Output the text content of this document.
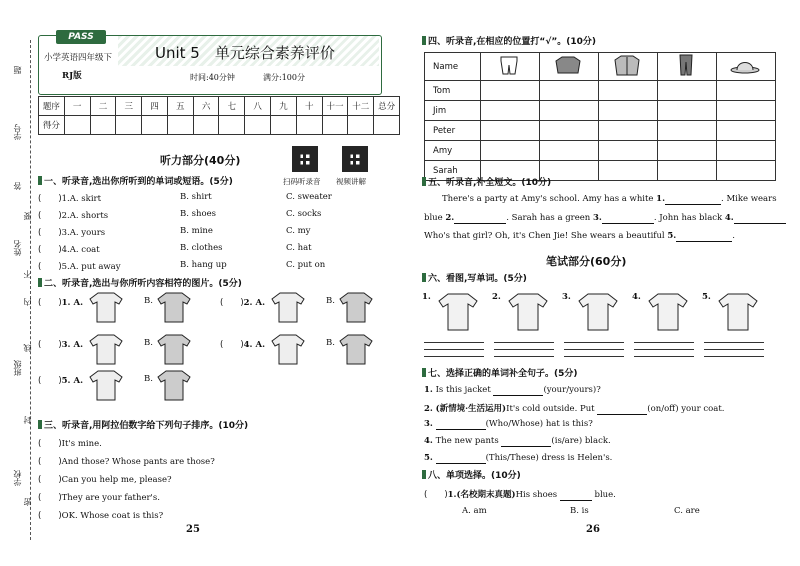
题
学号
答
要
姓名
不
内
线
班级
封
学校
密
PASS
小学英语四年级下
RJ版
Unit 5　单元综合素养评价
时间:40分钟	满分:100分
题序	一	二	三	四	五	六	七	八	九	十	十一	十二	总分
得分													
听力部分(40分)
扫码听录音 视频讲解
一、听录音,选出你所听到的单词或短语。(5分)
(　　)1.A. skirt	B. shirt	C. sweater
(　　)2.A. shorts	B. shoes	C. socks
(　　)3.A. yours	B. mine	C. my
(　　)4.A. coat	B. clothes	C. hat
(　　)5.A. put away	B. hang up	C. put on
二、听录音,选出与你所听内容相符的图片。(5分)
(　　)1. A.	B.	(　　)2. A.	B.
(　　)3. A.	B.	(　　)4. A.	B.
(　　)5. A.	B.
三、听录音,用阿拉伯数字给下列句子排序。(10分)
(　　)It's mine.
(　　)And those? Whose pants are those?
(　　)Can you help me, please?
(　　)They are your father's.
(　　)OK. Whose coat is this?
25
四、听录音,在相应的位置打“√”。(10分)
Name					
Tom					
Jim					
Peter					
Amy					
Sarah					
五、听录音,补全短文。(10分)
There's a party at Amy's school. Amy has a white 1.	. Mike wears
blue 2.	. Sarah has a green 3.	. John has black 4.
Who's that girl? Oh, it's Chen Jie! She wears a beautiful 5.	.
笔试部分(60分)
六、看图,写单词。(5分)
1.	2.	3.	4.	5.
七、选择正确的单词补全句子。(5分)
1. Is this jacket	(your/yours)?
2. (新情境·生活运用)It's cold outside. Put	(on/off) your coat.
3.	(Who/Whose) hat is this?
4. The new pants	(is/are) black.
5.	(This/These) dress is Helen's.
八、单项选择。(10分)
(　　)1.(名校期末真题)His shoes	blue.
A. am	B. is	C. are
26
